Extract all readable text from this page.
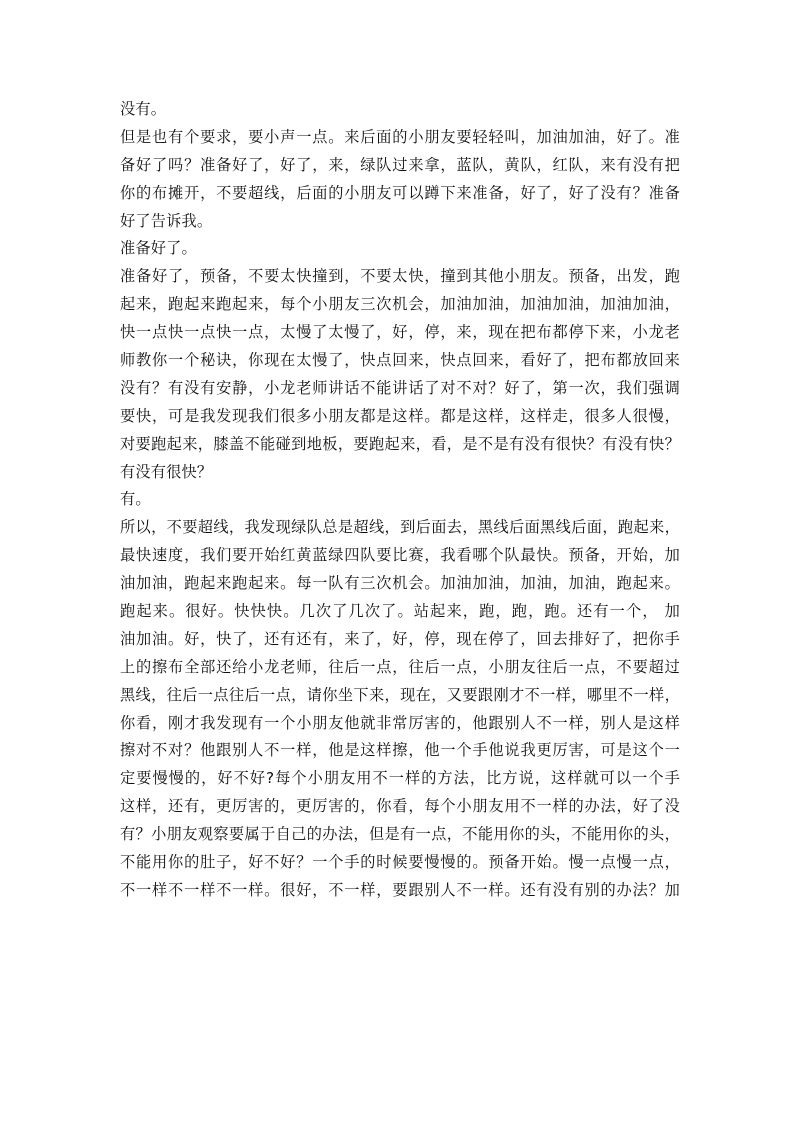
没有。
但是也有个要求，要小声一点。来后面的小朋友要轻轻叫，加油加油，好了。准
备好了吗？准备好了，好了，来，绿队过来拿，蓝队，黄队，红队，来有没有把
你的布摊开，不要超线，后面的小朋友可以蹲下来准备，好了，好了没有？准备
好了告诉我。
准备好了。
准备好了，预备，不要太快撞到，不要太快，撞到其他小朋友。预备，出发，跑
起来，跑起来跑起来，每个小朋友三次机会，加油加油，加油加油，加油加油，
快一点快一点快一点，太慢了太慢了，好，停，来，现在把布都停下来，小龙老
师教你一个秘诀，你现在太慢了，快点回来，快点回来，看好了，把布都放回来
没有？有没有安静，小龙老师讲话不能讲话了对不对？好了，第一次，我们强调
要快，可是我发现我们很多小朋友都是这样。都是这样，这样走，很多人很慢，
对要跑起来，膝盖不能碰到地板，要跑起来，看，是不是有没有很快？有没有快？
有没有很快？
有。
所以，不要超线，我发现绿队总是超线，到后面去，黑线后面黑线后面，跑起来，
最快速度，我们要开始红黄蓝绿四队要比赛，我看哪个队最快。预备，开始，加
油加油，跑起来跑起来。每一队有三次机会。加油加油，加油，加油，跑起来。
跑起来。很好。快快快。几次了几次了。站起来，跑，跑，跑。还有一个， 加
油加油。好，快了，还有还有，来了，好，停，现在停了，回去排好了，把你手
上的擦布全部还给小龙老师，往后一点，往后一点，小朋友往后一点，不要超过
黑线，往后一点往后一点，请你坐下来，现在，又要跟刚才不一样，哪里不一样，
你看，刚才我发现有一个小朋友他就非常厉害的，他跟别人不一样，别人是这样
擦对不对？他跟别人不一样，他是这样擦，他一个手他说我更厉害，可是这个一
定要慢慢的，好不好?每个小朋友用不一样的方法，比方说，这样就可以一个手
这样，还有，更厉害的，更厉害的，你看，每个小朋友用不一样的办法，好了没
有？小朋友观察要属于自己的办法，但是有一点，不能用你的头，不能用你的头，
不能用你的肚子，好不好？一个手的时候要慢慢的。预备开始。慢一点慢一点，
不一样不一样不一样。很好，不一样，要跟别人不一样。还有没有别的办法？加
